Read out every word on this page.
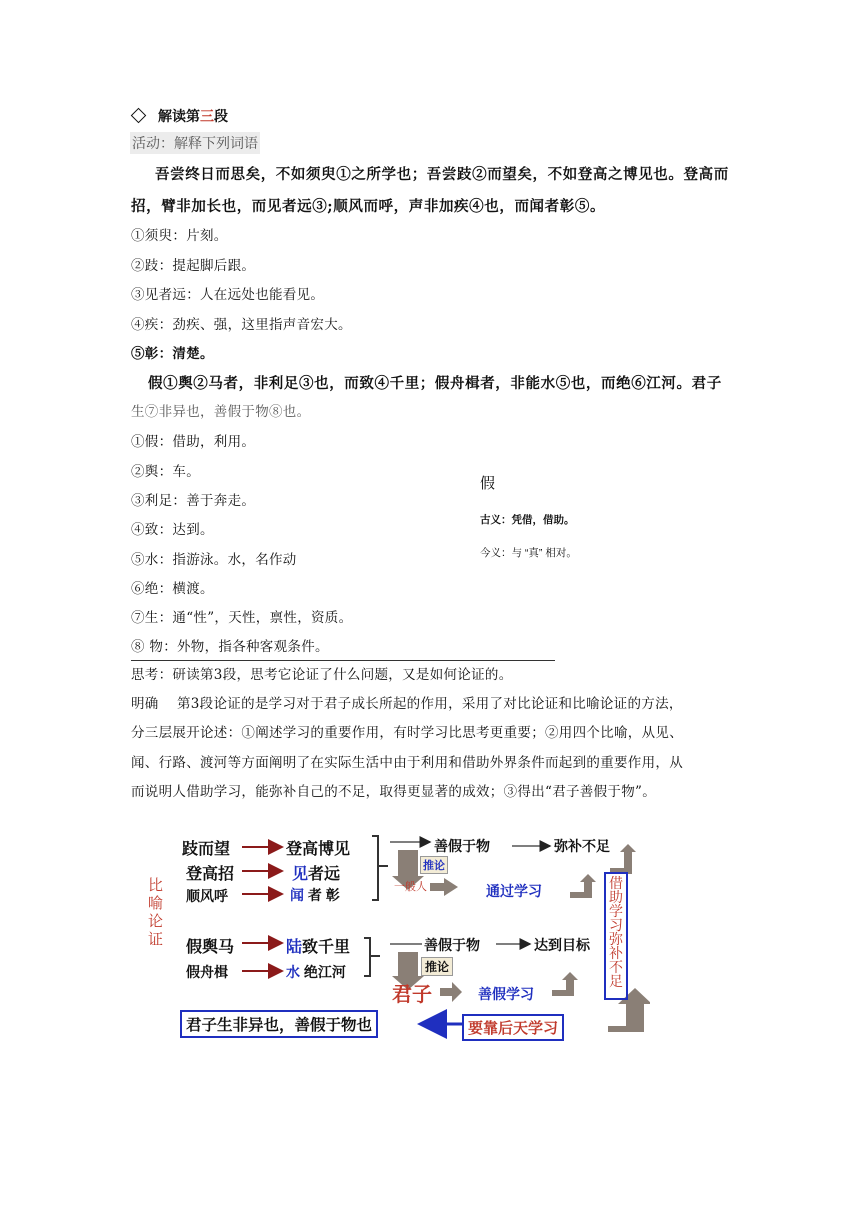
解读第三段
活动：解释下列词语
吾尝终日而思矣，不如须臾①之所学也；吾尝跂②而望矣，不如登高之博见也。登高而
招，臂非加长也，而见者远③;顺风而呼，声非加疾④也，而闻者彰⑤。
①须臾：片刻。
②跂：提起脚后跟。
③见者远：人在远处也能看见。
④疾：劲疾、强，这里指声音宏大。
⑤彰：清楚。
假①舆②马者，非利足③也，而致④千里；假舟楫者，非能水⑤也，而绝⑥江河。君子
生⑦非异也，善假于物⑧也。
①假：借助，利用。
②舆：车。
③利足：善于奔走。
④致：达到。
⑤水：指游泳。水，名作动
⑥绝：横渡。
⑦生：通“性”，天性，禀性，资质。
⑧ 物：外物，指各种客观条件。
假
古义：凭借，借助。
今义：与 “真” 相对。
思考：研读第3段，思考它论证了什么问题，又是如何论证的。
明确　 第3段论证的是学习对于君子成长所起的作用，采用了对比论证和比喻论证的方法，
分三层展开论述：①阐述学习的重要作用，有时学习比思考更重要；②用四个比喻，从见、
闻、行路、渡河等方面阐明了在实际生活中由于利用和借助外界条件而起到的重要作用，从
而说明人借助学习，能弥补自己的不足，取得更显著的成效；③得出“君子善假于物”。
比喻论证
跂而望	登高博见
登高招	见者远
顺风呼	闻 者 彰
善假于物	弥补不足
推论
一般人	通过学习
假舆马	陆致千里
假舟楫	水 绝江河
善假于物	达到目标
推论
君子	善假学习
借助学习弥补不足
君子生非异也，善假于物也	要靠后天学习
